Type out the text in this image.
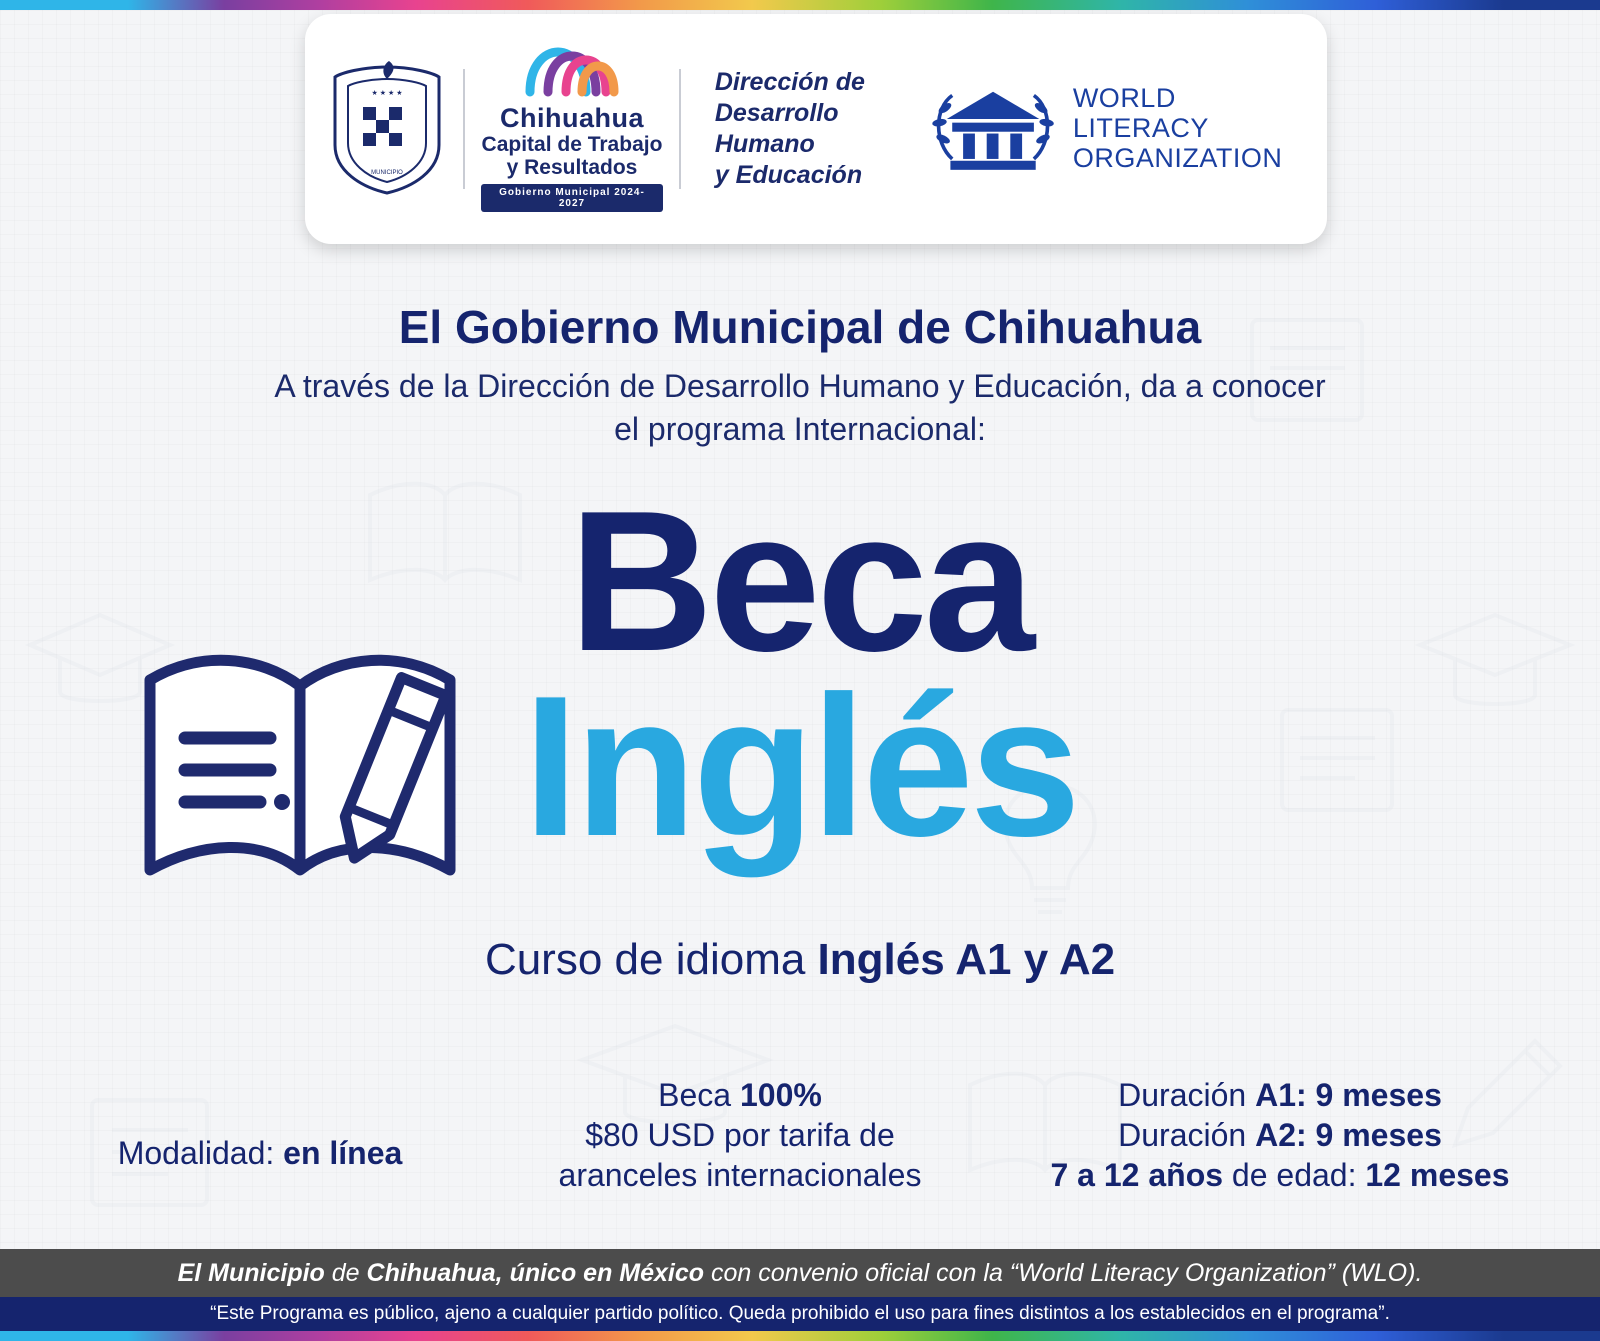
★ ★ ★ ★
MUNICIPIO
Chihuahua
Capital de Trabajo
y Resultados
Gobierno Municipal 2024-2027
Dirección de
Desarrollo Humano
y Educación
WORLD LITERACY
ORGANIZATION
El Gobierno Municipal de Chihuahua
A través de la Dirección de Desarrollo Humano y Educación, da a conocer
el programa Internacional:
Beca
Inglés
Curso de idioma Inglés A1 y A2
Modalidad: en línea
Beca 100%
$80 USD por tarifa de
aranceles internacionales
Duración A1: 9 meses
Duración A2: 9 meses
7 a 12 años de edad: 12 meses
El Municipio de Chihuahua, único en México con convenio oficial con la “World Literacy Organization” (WLO).
“Este Programa es público, ajeno a cualquier partido político. Queda prohibido el uso para fines distintos a los establecidos en el programa”.
